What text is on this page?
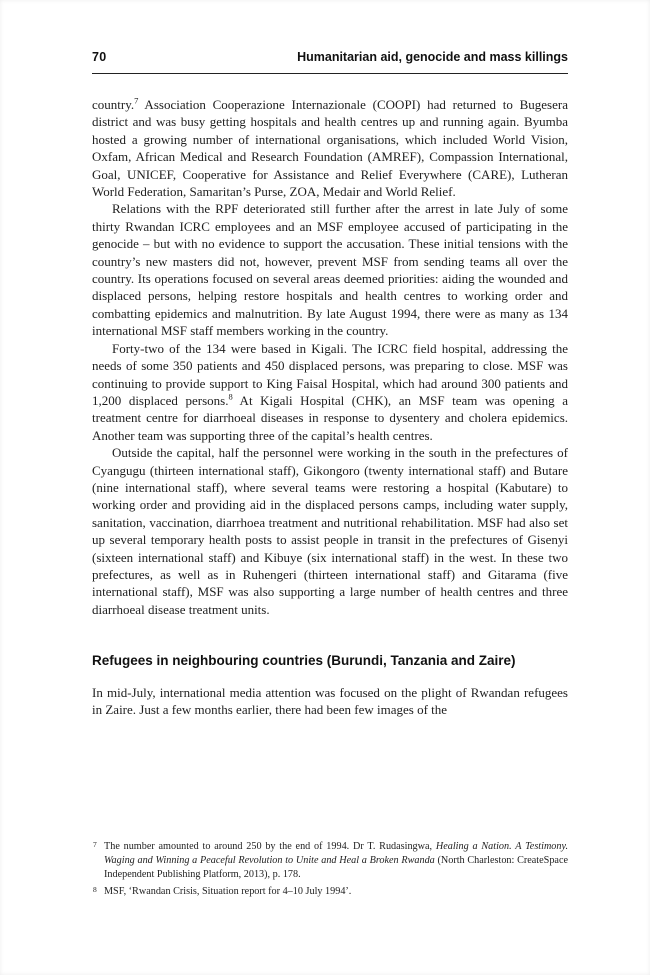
70	Humanitarian aid, genocide and mass killings

country.$^7$ Association Cooperazione Internazionale (COOPI) had returned to Bugesera district and was busy getting hospitals and health centres up and running again. Byumba hosted a growing number of international organisations, which included World Vision, Oxfam, African Medical and Research Foundation (AMREF), Compassion International, Goal, UNICEF, Cooperative for Assistance and Relief Everywhere (CARE), Lutheran World Federation, Samaritan’s Purse, ZOA, Medair and World Relief.

Relations with the RPF deteriorated still further after the arrest in late July of some thirty Rwandan ICRC employees and an MSF employee accused of participating in the genocide – but with no evidence to support the accusation. These initial tensions with the country’s new masters did not, however, prevent MSF from sending teams all over the country. Its operations focused on several areas deemed priorities: aiding the wounded and displaced persons, helping restore hospitals and health centres to working order and combatting epidemics and malnutrition. By late August 1994, there were as many as 134 international MSF staff members working in the country.

Forty-two of the 134 were based in Kigali. The ICRC field hospital, addressing the needs of some 350 patients and 450 displaced persons, was preparing to close. MSF was continuing to provide support to King Faisal Hospital, which had around 300 patients and 1,200 displaced persons.$^8$ At Kigali Hospital (CHK), an MSF team was opening a treatment centre for diarrhoeal diseases in response to dysentery and cholera epidemics. Another team was supporting three of the capital’s health centres.

Outside the capital, half the personnel were working in the south in the prefectures of Cyangugu (thirteen international staff), Gikongoro (twenty international staff) and Butare (nine international staff), where several teams were restoring a hospital (Kabutare) to working order and providing aid in the displaced persons camps, including water supply, sanitation, vaccination, diarrhoea treatment and nutritional rehabilitation. MSF had also set up several temporary health posts to assist people in transit in the prefectures of Gisenyi (sixteen international staff) and Kibuye (six international staff) in the west. In these two prefectures, as well as in Ruhengeri (thirteen international staff) and Gitarama (five international staff), MSF was also supporting a large number of health centres and three diarrhoeal disease treatment units.

Refugees in neighbouring countries (Burundi, Tanzania and Zaire)

In mid-July, international media attention was focused on the plight of Rwandan refugees in Zaire. Just a few months earlier, there had been few images of the

7 The number amounted to around 250 by the end of 1994. Dr T. Rudasingwa, Healing a Nation. A Testimony. Waging and Winning a Peaceful Revolution to Unite and Heal a Broken Rwanda (North Charleston: CreateSpace Independent Publishing Platform, 2013), p. 178.
8 MSF, ‘Rwandan Crisis, Situation report for 4–10 July 1994’.
